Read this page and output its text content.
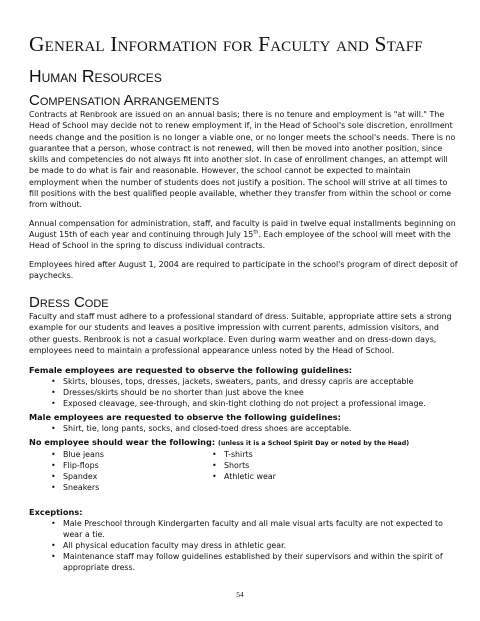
General Information for Faculty and Staff
Human Resources
Compensation Arrangements

Contracts at Renbrook are issued on an annual basis; there is no tenure and employment is "at will." The Head of School may decide not to renew employment if, in the Head of School's sole discretion, enrollment needs change and the position is no longer a viable one, or no longer meets the school's needs. There is no guarantee that a person, whose contract is not renewed, will then be moved into another position, since skills and competencies do not always fit into another slot. In case of enrollment changes, an attempt will be made to do what is fair and reasonable. However, the school cannot be expected to maintain employment when the number of students does not justify a position. The school will strive at all times to fill positions with the best qualified people available, whether they transfer from within the school or come from without.

Annual compensation for administration, staff, and faculty is paid in twelve equal installments beginning on August 15th of each year and continuing through July 15th. Each employee of the school will meet with the Head of School in the spring to discuss individual contracts.

Employees hired after August 1, 2004 are required to participate in the school's program of direct deposit of paychecks.

Dress Code

Faculty and staff must adhere to a professional standard of dress. Suitable, appropriate attire sets a strong example for our students and leaves a positive impression with current parents, admission visitors, and other guests. Renbrook is not a casual workplace. Even during warm weather and on dress-down days, employees need to maintain a professional appearance unless noted by the Head of School.

Female employees are requested to observe the following guidelines:
• Skirts, blouses, tops, dresses, jackets, sweaters, pants, and dressy capris are acceptable
• Dresses/skirts should be no shorter than just above the knee
• Exposed cleavage, see-through, and skin-tight clothing do not project a professional image.
Male employees are requested to observe the following guidelines:
• Shirt, tie, long pants, socks, and closed-toed dress shoes are acceptable.
No employee should wear the following: (unless it is a School Spirit Day or noted by the Head)
• Blue jeans
• Flip-flops
• Spandex
• Sneakers
• T-shirts
• Shorts
• Athletic wear
Exceptions:
• Male Preschool through Kindergarten faculty and all male visual arts faculty are not expected to wear a tie.
• All physical education faculty may dress in athletic gear.
• Maintenance staff may follow guidelines established by their supervisors and within the spirit of appropriate dress.
54
